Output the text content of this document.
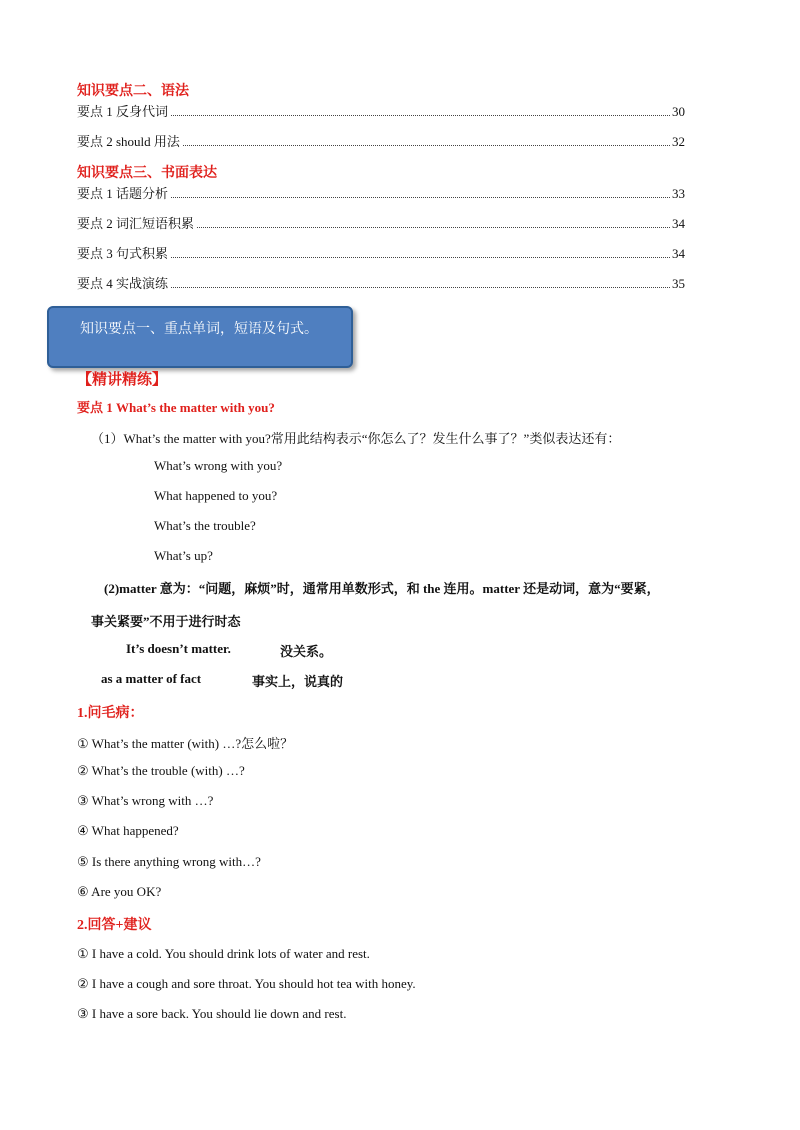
知识要点二、语法
要点 1 反身代词	30
要点 2 should 用法	32
知识要点三、书面表达
要点 1 话题分析	33
要点 2 词汇短语积累	34
要点 3 句式积累	34
要点 4 实战演练	35
知识要点一、重点单词，短语及句式。
【精讲精练】
要点 1 What’s the matter with you?
（1）What’s the matter with you?常用此结构表示“你怎么了？发生什么事了？”类似表达还有：
What’s wrong with you?
What happened to you?
What’s the trouble?
What’s up?
(2)matter 意为：“问题，麻烦”时，通常用单数形式，和 the 连用。matter 还是动词，意为“要紧，
事关紧要”不用于进行时态
It’s doesn’t matter.	没关系。
as a matter of fact	事实上，说真的
1.问毛病：
① What’s the matter (with) …?怎么啦？
② What’s the trouble (with) …?
③ What’s wrong with …?
④ What happened?
⑤ Is there anything wrong with…?
⑥ Are you OK?
2.回答+建议
① I have a cold. You should drink lots of water and rest.
② I have a cough and sore throat. You should hot tea with honey.
③ I have a sore back. You should lie down and rest.
